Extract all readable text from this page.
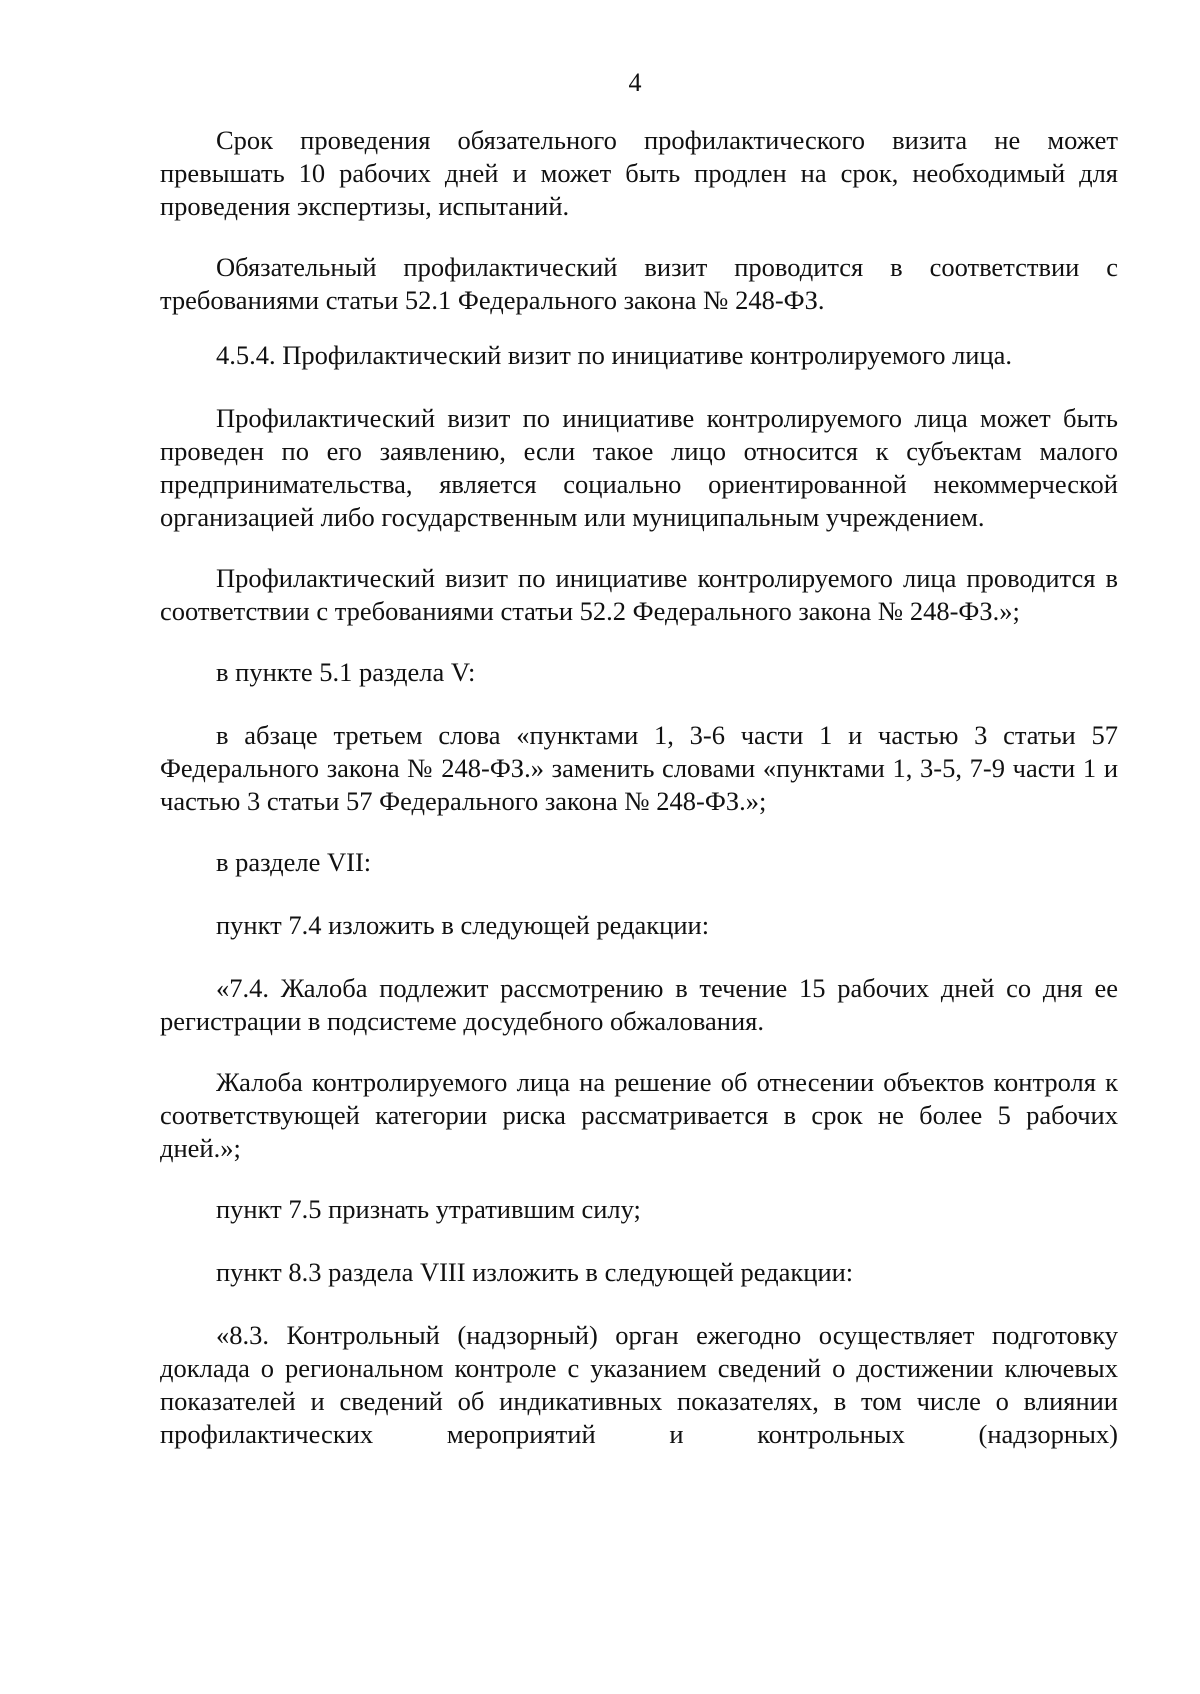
4

Срок проведения обязательного профилактического визита не может превышать 10 рабочих дней и может быть продлен на срок, необходимый для проведения экспертизы, испытаний.

Обязательный профилактический визит проводится в соответствии с требованиями статьи 52.1 Федерального закона № 248-ФЗ.

4.5.4. Профилактический визит по инициативе контролируемого лица.

Профилактический визит по инициативе контролируемого лица может быть проведен по его заявлению, если такое лицо относится к субъектам малого предпринимательства, является социально ориентированной некоммерческой организацией либо государственным или муниципальным учреждением.

Профилактический визит по инициативе контролируемого лица проводится в соответствии с требованиями статьи 52.2 Федерального закона № 248-ФЗ.»;

в пункте 5.1 раздела V:

в абзаце третьем слова «пунктами 1, 3-6 части 1 и частью 3 статьи 57 Федерального закона № 248-ФЗ.» заменить словами «пунктами 1, 3-5, 7-9 части 1 и частью 3 статьи 57 Федерального закона № 248-ФЗ.»;

в разделе VII:

пункт 7.4 изложить в следующей редакции:

«7.4. Жалоба подлежит рассмотрению в течение 15 рабочих дней со дня ее регистрации в подсистеме досудебного обжалования.

Жалоба контролируемого лица на решение об отнесении объектов контроля к соответствующей категории риска рассматривается в срок не более 5 рабочих дней.»;

пункт 7.5 признать утратившим силу;

пункт 8.3 раздела VIII изложить в следующей редакции:

«8.3. Контрольный (надзорный) орган ежегодно осуществляет подготовку доклада о региональном контроле с указанием сведений о достижении ключевых показателей и сведений об индикативных показателях, в том числе о влиянии профилактических мероприятий и контрольных (надзорных)
